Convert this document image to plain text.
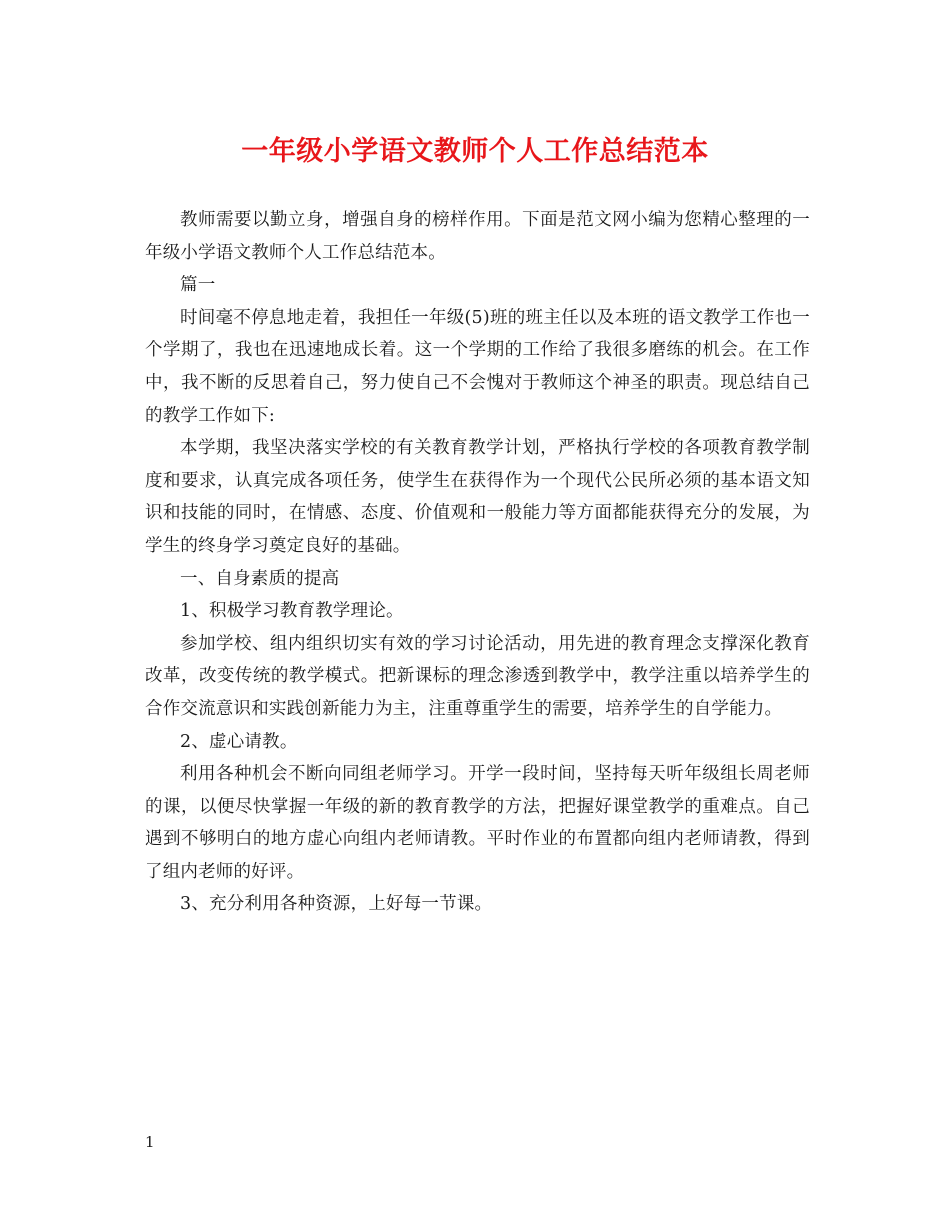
一年级小学语文教师个人工作总结范本

教师需要以勤立身，增强自身的榜样作用。下面是范文网小编为您精心整理的一年级小学语文教师个人工作总结范本。

篇一

时间毫不停息地走着，我担任一年级(5)班的班主任以及本班的语文教学工作也一个学期了，我也在迅速地成长着。这一个学期的工作给了我很多磨练的机会。在工作中，我不断的反思着自己，努力使自己不会愧对于教师这个神圣的职责。现总结自己的教学工作如下:

本学期，我坚决落实学校的有关教育教学计划，严格执行学校的各项教育教学制度和要求，认真完成各项任务，使学生在获得作为一个现代公民所必须的基本语文知识和技能的同时，在情感、态度、价值观和一般能力等方面都能获得充分的发展，为学生的终身学习奠定良好的基础。

一、自身素质的提高

1、积极学习教育教学理论。

参加学校、组内组织切实有效的学习讨论活动，用先进的教育理念支撑深化教育改革，改变传统的教学模式。把新课标的理念渗透到教学中，教学注重以培养学生的合作交流意识和实践创新能力为主，注重尊重学生的需要，培养学生的自学能力。

2、虚心请教。

利用各种机会不断向同组老师学习。开学一段时间，坚持每天听年级组长周老师的课，以便尽快掌握一年级的新的教育教学的方法，把握好课堂教学的重难点。自己遇到不够明白的地方虚心向组内老师请教。平时作业的布置都向组内老师请教，得到了组内老师的好评。

3、充分利用各种资源，上好每一节课。

1
